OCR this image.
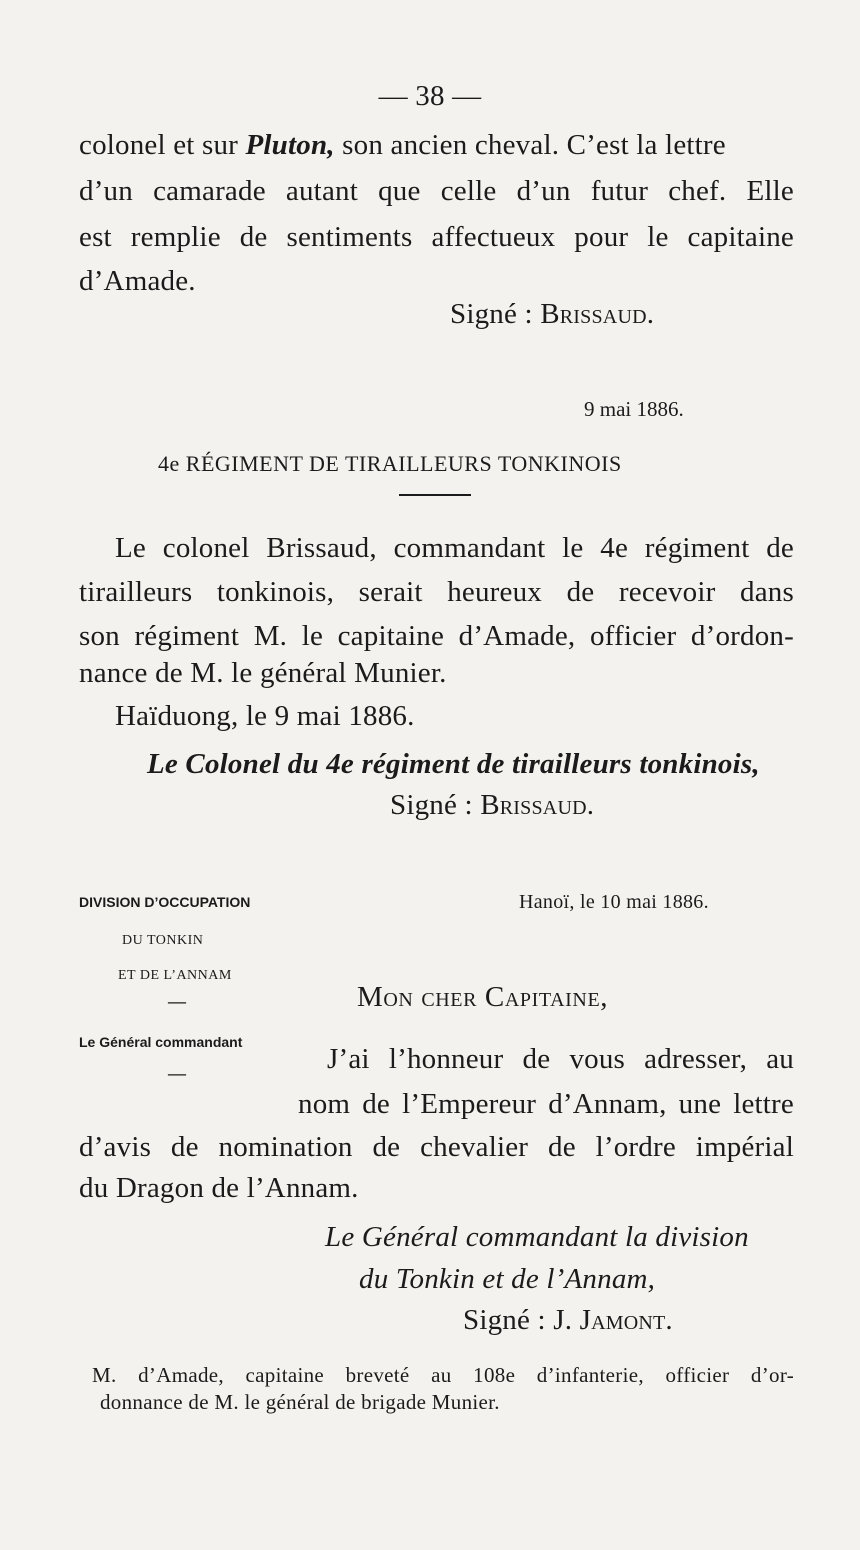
— 38 —
colonel et sur Pluton, son ancien cheval. C’est la lettre
d’un camarade autant que celle d’un futur chef. Elle
est remplie de sentiments affectueux pour le capitaine
d’Amade.
Signé : Brissaud.
9 mai 1886.
4e RÉGIMENT DE TIRAILLEURS TONKINOIS
Le colonel Brissaud, commandant le 4e régiment de
tirailleurs tonkinois, serait heureux de recevoir dans
son régiment M. le capitaine d’Amade, officier d’ordon-
nance de M. le général Munier.
Haïduong, le 9 mai 1886.
Le Colonel du 4e régiment de tirailleurs tonkinois,
Signé : Brissaud.
DIVISION D’OCCUPATION
DU TONKIN
ET DE L’ANNAM
—
Le Général commandant
—
Hanoï, le 10 mai 1886.
Mon cher Capitaine,
J’ai l’honneur de vous adresser, au
nom de l’Empereur d’Annam, une lettre
d’avis de nomination de chevalier de l’ordre impérial
du Dragon de l’Annam.
Le Général commandant la division
du Tonkin et de l’Annam,
Signé : J. Jamont.
M. d’Amade, capitaine breveté au 108e d’infanterie, officier d’or-
donnance de M. le général de brigade Munier.
